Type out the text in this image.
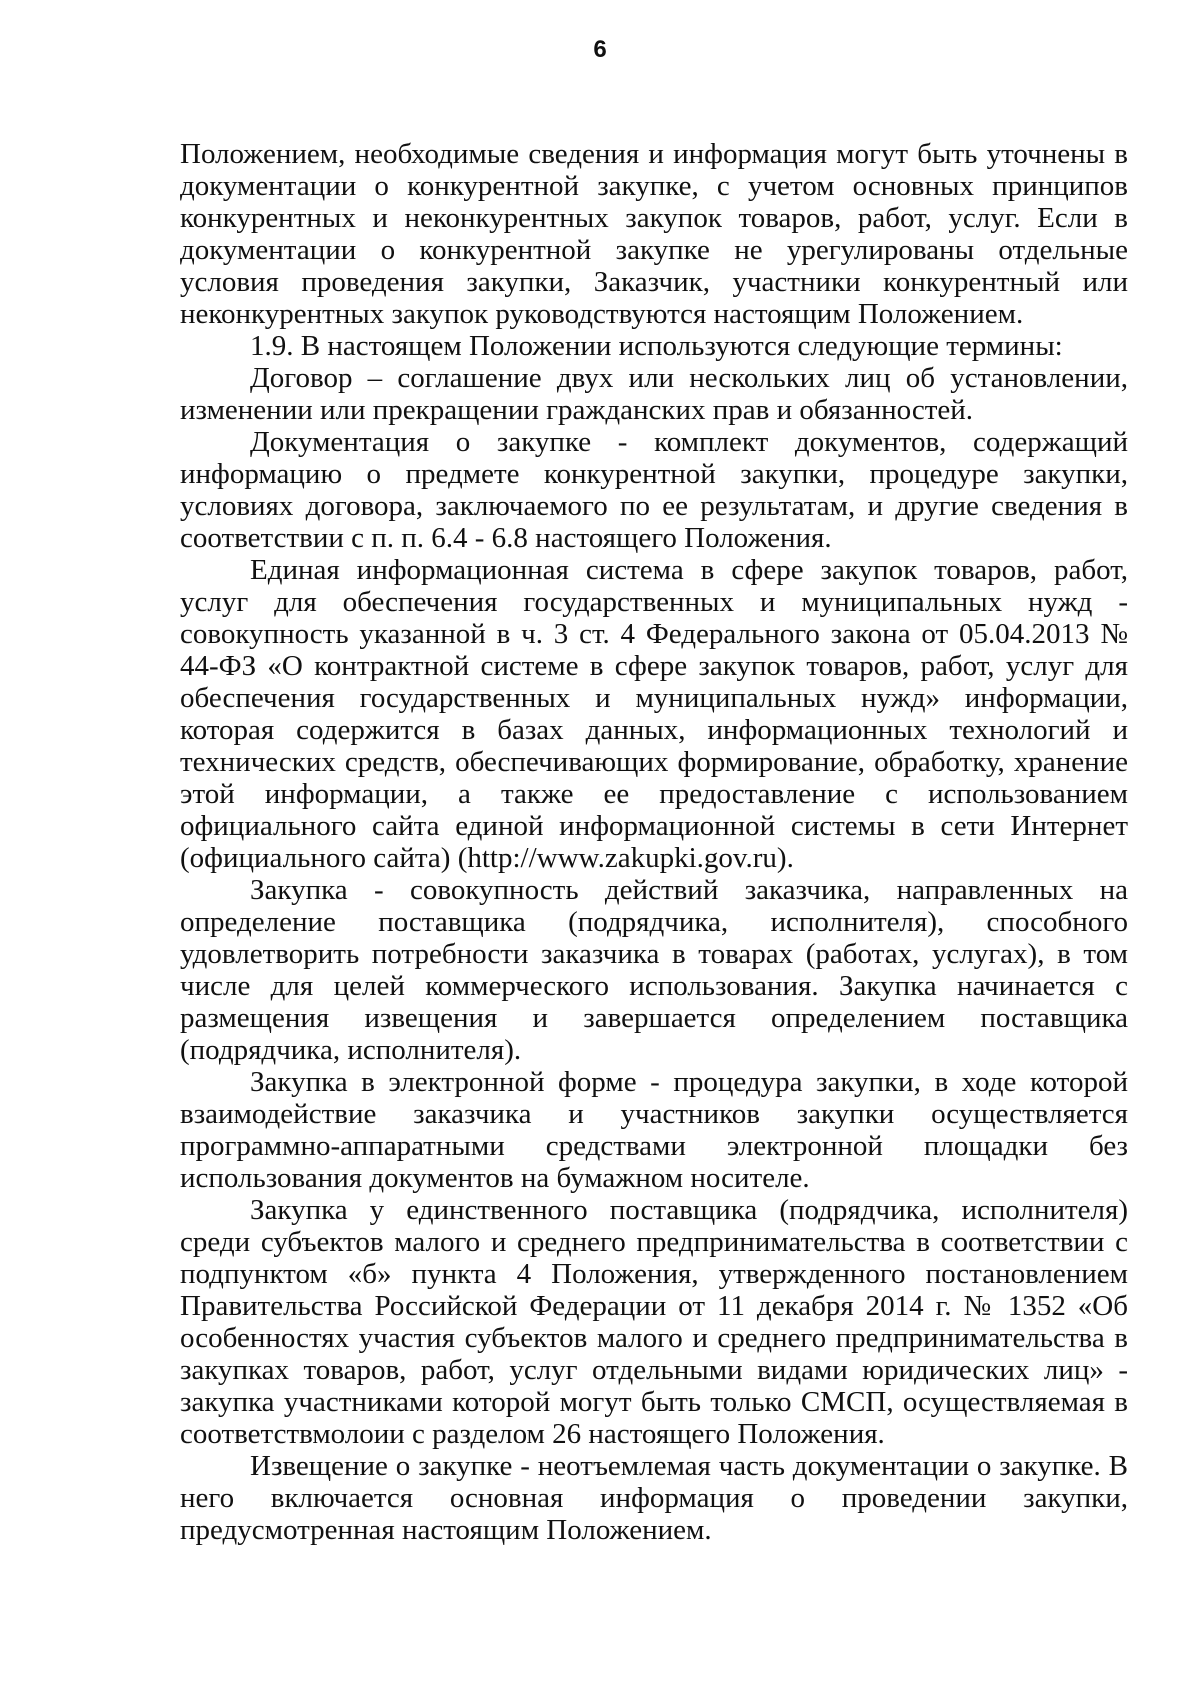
6

Положением, необходимые сведения и информация могут быть уточнены в документации о конкурентной закупке, с учетом основных принципов конкурентных и неконкурентных закупок товаров, работ, услуг. Если в документации о конкурентной закупке не урегулированы отдельные условия проведения закупки, Заказчик, участники конкурентный или неконкурентных закупок руководствуются настоящим Положением.

1.9. В настоящем Положении используются следующие термины:

Договор – соглашение двух или нескольких лиц об установлении, изменении или прекращении гражданских прав и обязанностей.

Документация о закупке - комплект документов, содержащий информацию о предмете конкурентной закупки, процедуре закупки, условиях договора, заключаемого по ее результатам, и другие сведения в соответствии с п. п. 6.4 - 6.8 настоящего Положения.

Единая информационная система в сфере закупок товаров, работ, услуг для обеспечения государственных и муниципальных нужд - совокупность указанной в ч. 3 ст. 4 Федерального закона от 05.04.2013 № 44-ФЗ «О контрактной системе в сфере закупок товаров, работ, услуг для обеспечения государственных и муниципальных нужд» информации, которая содержится в базах данных, информационных технологий и технических средств, обеспечивающих формирование, обработку, хранение этой информации, а также ее предоставление с использованием официального сайта единой информационной системы в сети Интернет (официального сайта) (http://www.zakupki.gov.ru).

Закупка - совокупность действий заказчика, направленных на определение поставщика (подрядчика, исполнителя), способного удовлетворить потребности заказчика в товарах (работах, услугах), в том числе для целей коммерческого использования. Закупка начинается с размещения извещения и завершается определением поставщика (подрядчика, исполнителя).

Закупка в электронной форме - процедура закупки, в ходе которой взаимодействие заказчика и участников закупки осуществляется программно-аппаратными средствами электронной площадки без использования документов на бумажном носителе.

Закупка у единственного поставщика (подрядчика, исполнителя) среди субъектов малого и среднего предпринимательства в соответствии с подпунктом «б» пункта 4 Положения, утвержденного постановлением Правительства Российской Федерации от 11 декабря 2014 г. № 1352 «Об особенностях участия субъектов малого и среднего предпринимательства в закупках товаров, работ, услуг отдельными видами юридических лиц» - закупка участниками которой могут быть только СМСП, осуществляемая в соответствмолоии с разделом 26 настоящего Положения.

Извещение о закупке - неотъемлемая часть документации о закупке. В него включается основная информация о проведении закупки, предусмотренная настоящим Положением.
